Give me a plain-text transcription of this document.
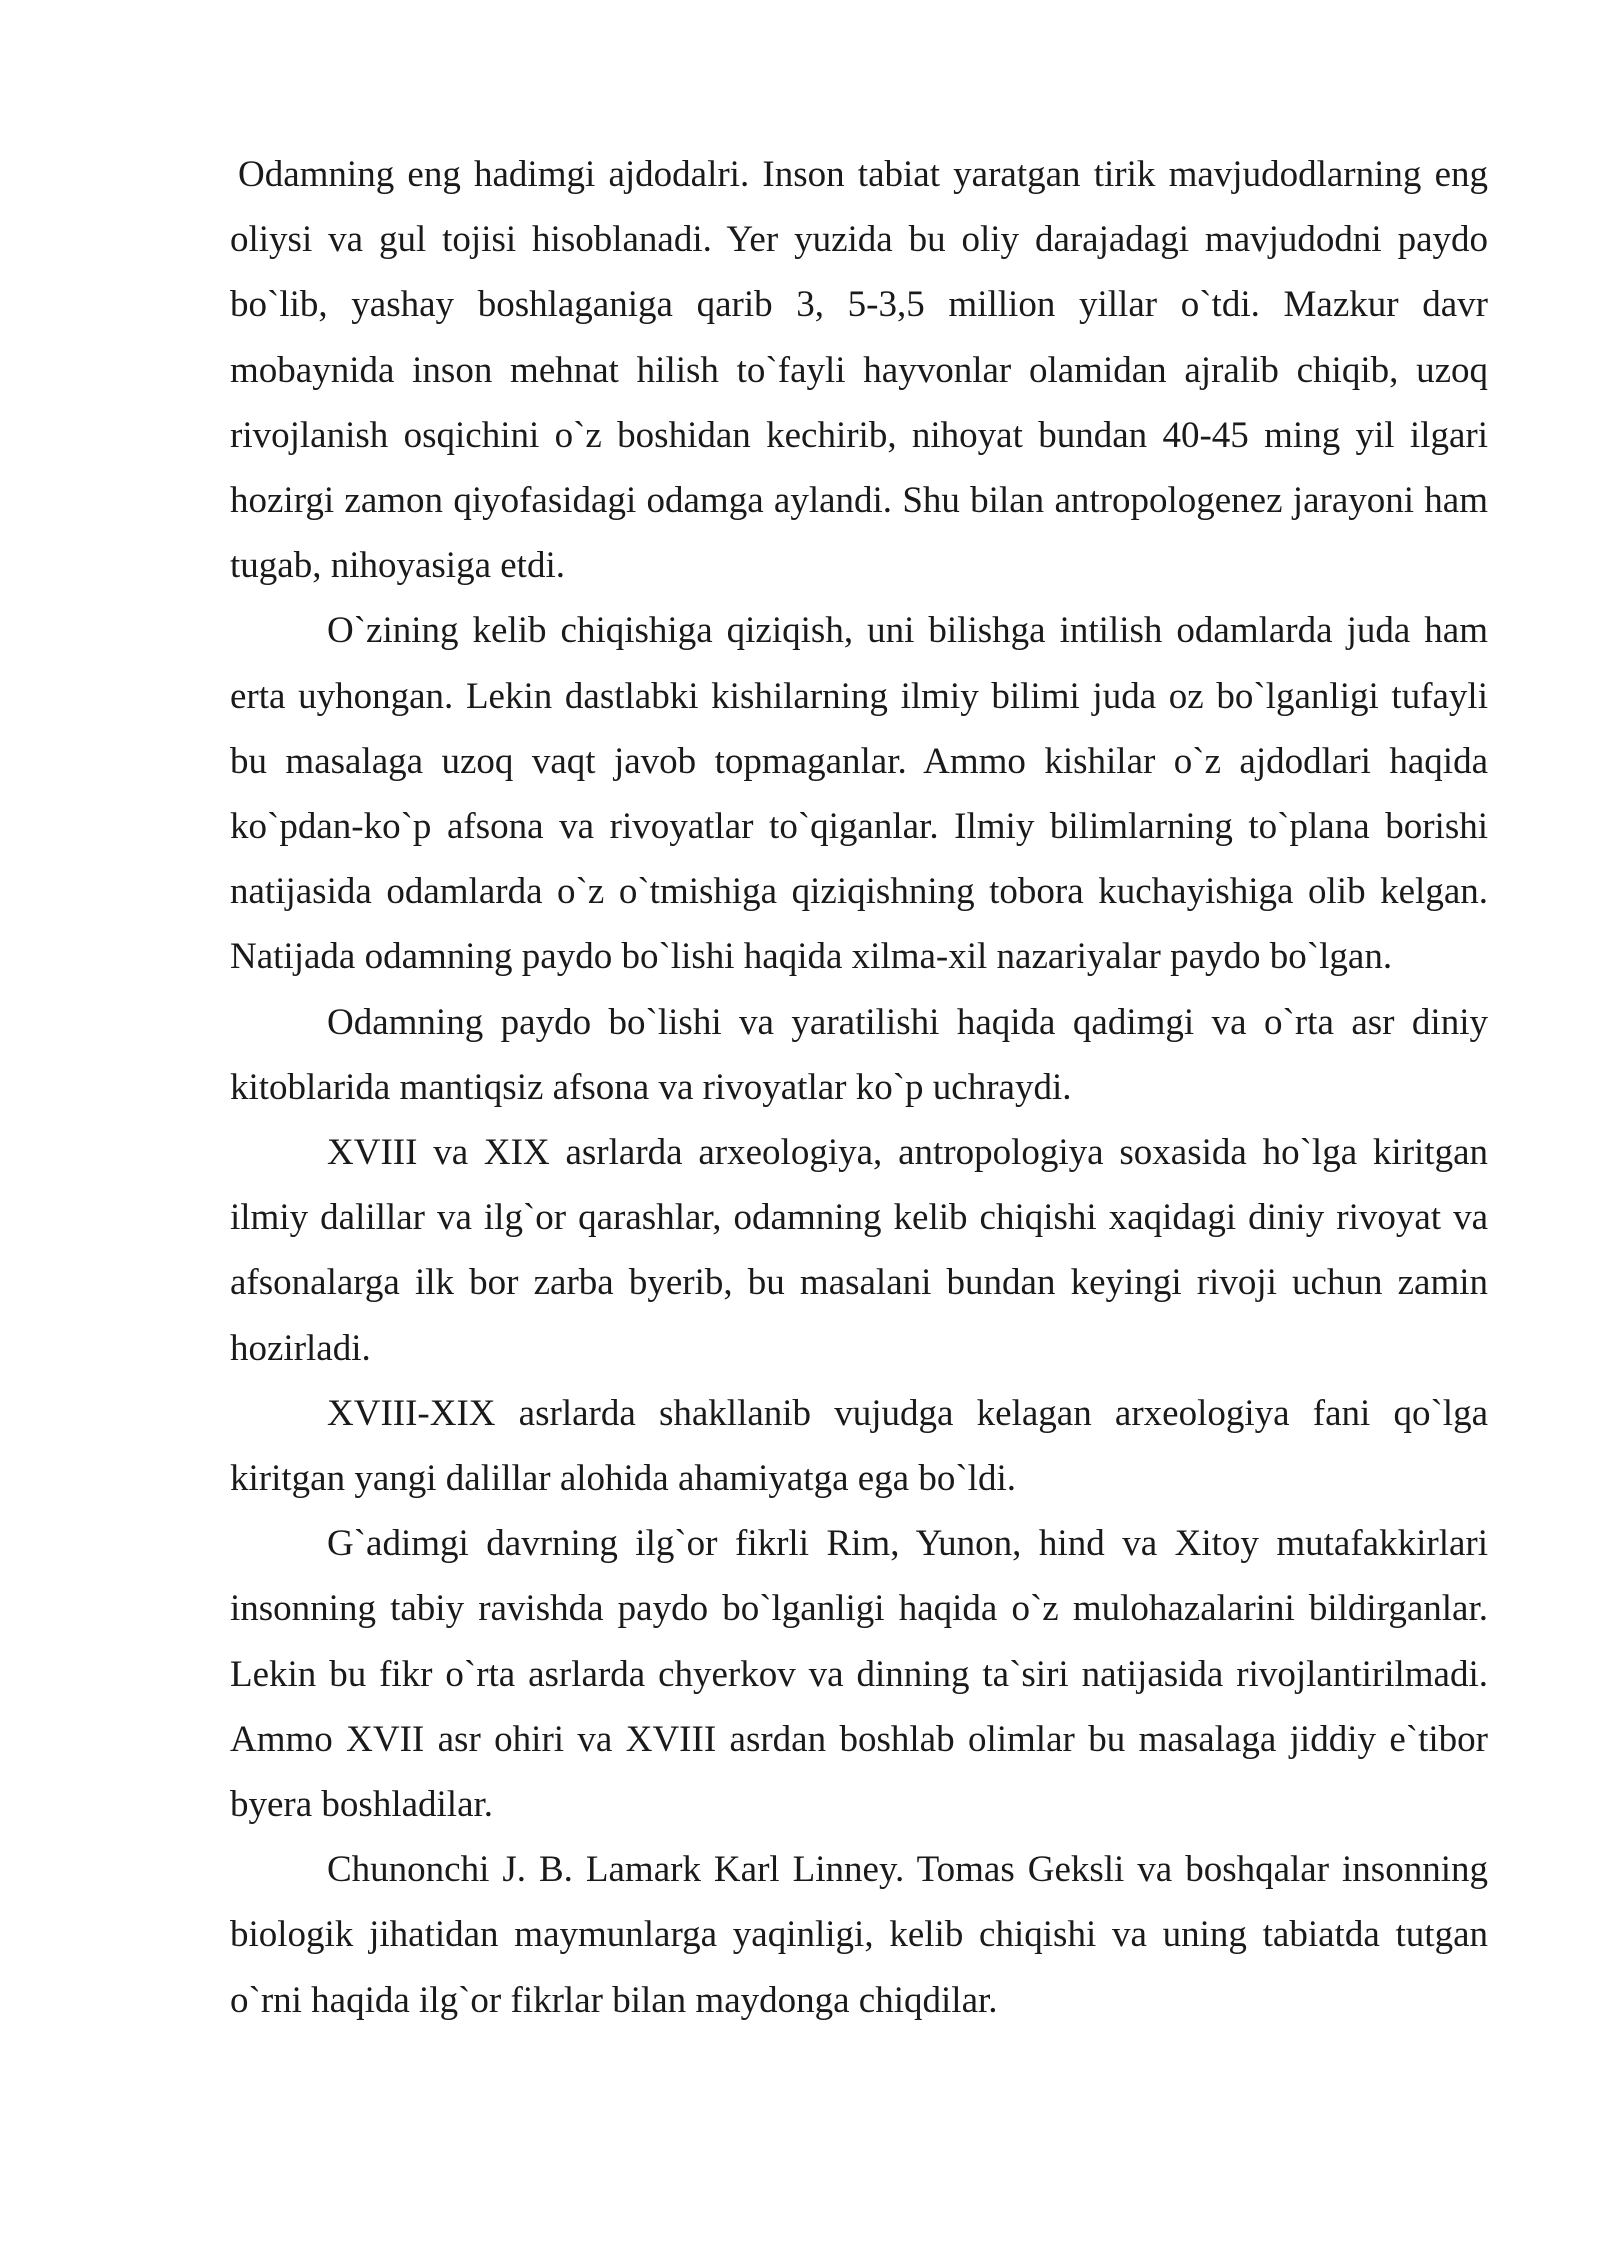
Odamning eng hadimgi ajdodalri. Inson tabiat yaratgan tirik mavjudodlarning eng oliysi va gul tojisi hisoblanadi. Yer yuzida bu oliy darajadagi mavjudodni paydo bo`lib, yashay boshlaganiga qarib 3, 5-3,5 million yillar o`tdi. Mazkur davr mobaynida inson mehnat hilish to`fayli hayvonlar olamidan ajralib chiqib, uzoq rivojlanish osqichini o`z boshidan kechirib, nihoyat bundan 40-45 ming yil ilgari hozirgi zamon qiyofasidagi odamga aylandi. Shu bilan antropologenez jarayoni ham tugab, nihoyasiga etdi.

O`zining kelib chiqishiga qiziqish, uni bilishga intilish odamlarda juda ham erta uyhongan. Lekin dastlabki kishilarning ilmiy bilimi juda oz bo`lganligi tufayli bu masalaga uzoq vaqt javob topmaganlar. Ammo kishilar o`z ajdodlari haqida ko`pdan-ko`p afsona va rivoyatlar to`qiganlar. Ilmiy bilimlarning to`plana borishi natijasida odamlarda o`z o`tmishiga qiziqishning tobora kuchayishiga olib kelgan. Natijada odamning paydo bo`lishi haqida xilma-xil nazariyalar paydo bo`lgan.

Odamning paydo bo`lishi va yaratilishi haqida qadimgi va o`rta asr diniy kitoblarida mantiqsiz afsona va rivoyatlar ko`p uchraydi.

XVIII va XIX asrlarda arxeologiya, antropologiya soxasida ho`lga kiritgan ilmiy dalillar va ilg`or qarashlar, odamning kelib chiqishi xaqidagi diniy rivoyat va afsonalarga ilk bor zarba byerib, bu masalani bundan keyingi rivoji uchun zamin hozirladi.

XVIII-XIX asrlarda shakllanib vujudga kelagan arxeologiya fani qo`lga kiritgan yangi dalillar alohida ahamiyatga ega bo`ldi.

G`adimgi davrning ilg`or fikrli Rim, Yunon, hind va Xitoy mutafakkirlari insonning tabiy ravishda paydo bo`lganligi haqida o`z mulohazalarini bildirganlar. Lekin bu fikr o`rta asrlarda chyerkov va dinning ta`siri natijasida rivojlantirilmadi. Ammo XVII asr ohiri va XVIII asrdan boshlab olimlar bu masalaga jiddiy e`tibor byera boshladilar.

Chunonchi J. B. Lamark Karl Linney. Tomas Geksli va boshqalar insonning biologik jihatidan maymunlarga yaqinligi, kelib chiqishi va uning tabiatda tutgan o`rni haqida ilg`or fikrlar bilan maydonga chiqdilar.
